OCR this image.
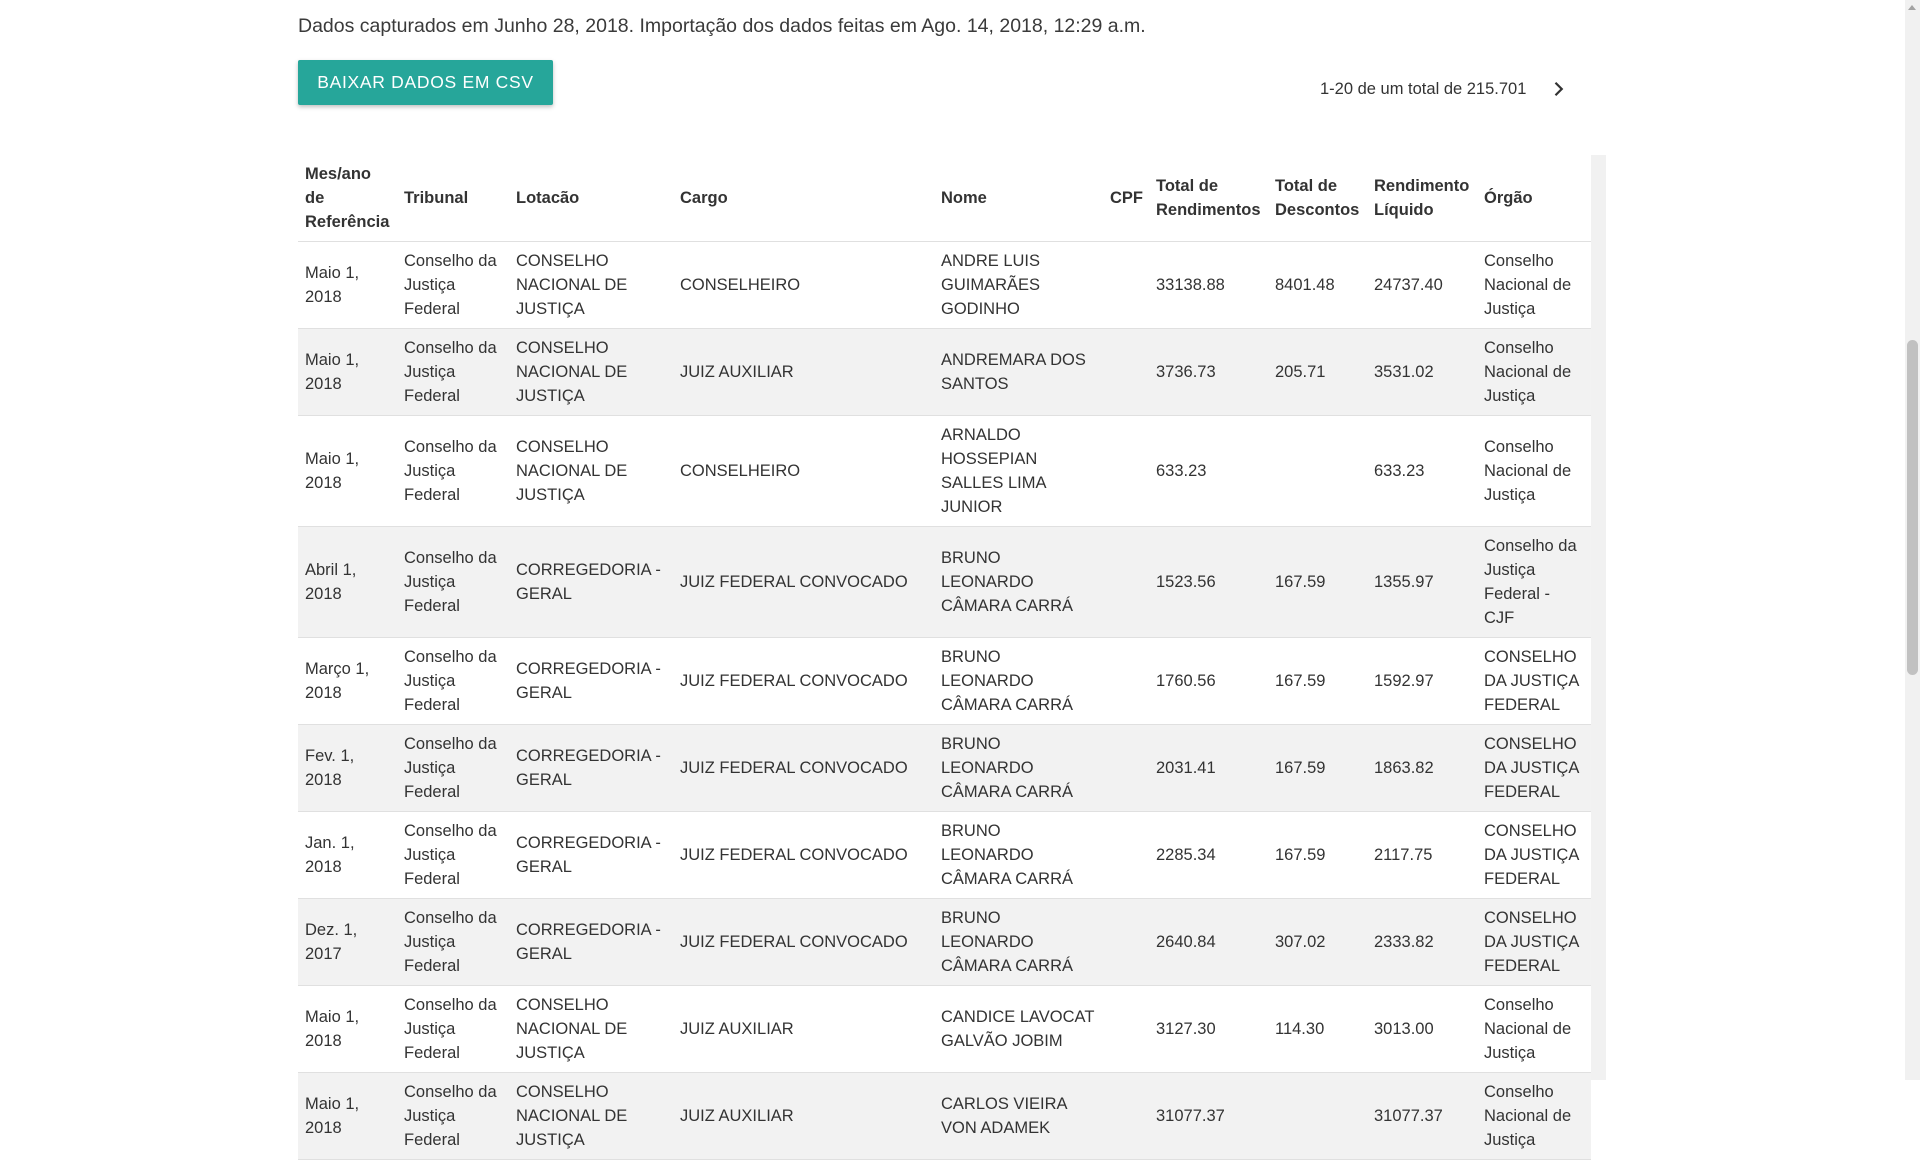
Dados capturados em Junho 28, 2018. Importação dos dados feitas em Ago. 14, 2018, 12:29 a.m.
BAIXAR DADOS EM CSV	1-20 de um total de 215.701
Mes/ano de Referência	Tribunal	Lotacão	Cargo	Nome	CPF	Total de Rendimentos	Total de Descontos	Rendimento Líquido	Órgão
Maio 1, 2018	Conselho da Justiça Federal	CONSELHO NACIONAL DE JUSTIÇA	CONSELHEIRO	ANDRE LUIS GUIMARÃES GODINHO		33138.88	8401.48	24737.40	Conselho Nacional de Justiça
Maio 1, 2018	Conselho da Justiça Federal	CONSELHO NACIONAL DE JUSTIÇA	JUIZ AUXILIAR	ANDREMARA DOS SANTOS		3736.73	205.71	3531.02	Conselho Nacional de Justiça
Maio 1, 2018	Conselho da Justiça Federal	CONSELHO NACIONAL DE JUSTIÇA	CONSELHEIRO	ARNALDO HOSSEPIAN SALLES LIMA JUNIOR		633.23		633.23	Conselho Nacional de Justiça
Abril 1, 2018	Conselho da Justiça Federal	CORREGEDORIA - GERAL	JUIZ FEDERAL CONVOCADO	BRUNO LEONARDO CÂMARA CARRÁ		1523.56	167.59	1355.97	Conselho da Justiça Federal - CJF
Março 1, 2018	Conselho da Justiça Federal	CORREGEDORIA - GERAL	JUIZ FEDERAL CONVOCADO	BRUNO LEONARDO CÂMARA CARRÁ		1760.56	167.59	1592.97	CONSELHO DA JUSTIÇA FEDERAL
Fev. 1, 2018	Conselho da Justiça Federal	CORREGEDORIA - GERAL	JUIZ FEDERAL CONVOCADO	BRUNO LEONARDO CÂMARA CARRÁ		2031.41	167.59	1863.82	CONSELHO DA JUSTIÇA FEDERAL
Jan. 1, 2018	Conselho da Justiça Federal	CORREGEDORIA - GERAL	JUIZ FEDERAL CONVOCADO	BRUNO LEONARDO CÂMARA CARRÁ		2285.34	167.59	2117.75	CONSELHO DA JUSTIÇA FEDERAL
Dez. 1, 2017	Conselho da Justiça Federal	CORREGEDORIA - GERAL	JUIZ FEDERAL CONVOCADO	BRUNO LEONARDO CÂMARA CARRÁ		2640.84	307.02	2333.82	CONSELHO DA JUSTIÇA FEDERAL
Maio 1, 2018	Conselho da Justiça Federal	CONSELHO NACIONAL DE JUSTIÇA	JUIZ AUXILIAR	CANDICE LAVOCAT GALVÃO JOBIM		3127.30	114.30	3013.00	Conselho Nacional de Justiça
Maio 1, 2018	Conselho da Justiça Federal	CONSELHO NACIONAL DE JUSTIÇA	JUIZ AUXILIAR	CARLOS VIEIRA VON ADAMEK		31077.37		31077.37	Conselho Nacional de Justiça
